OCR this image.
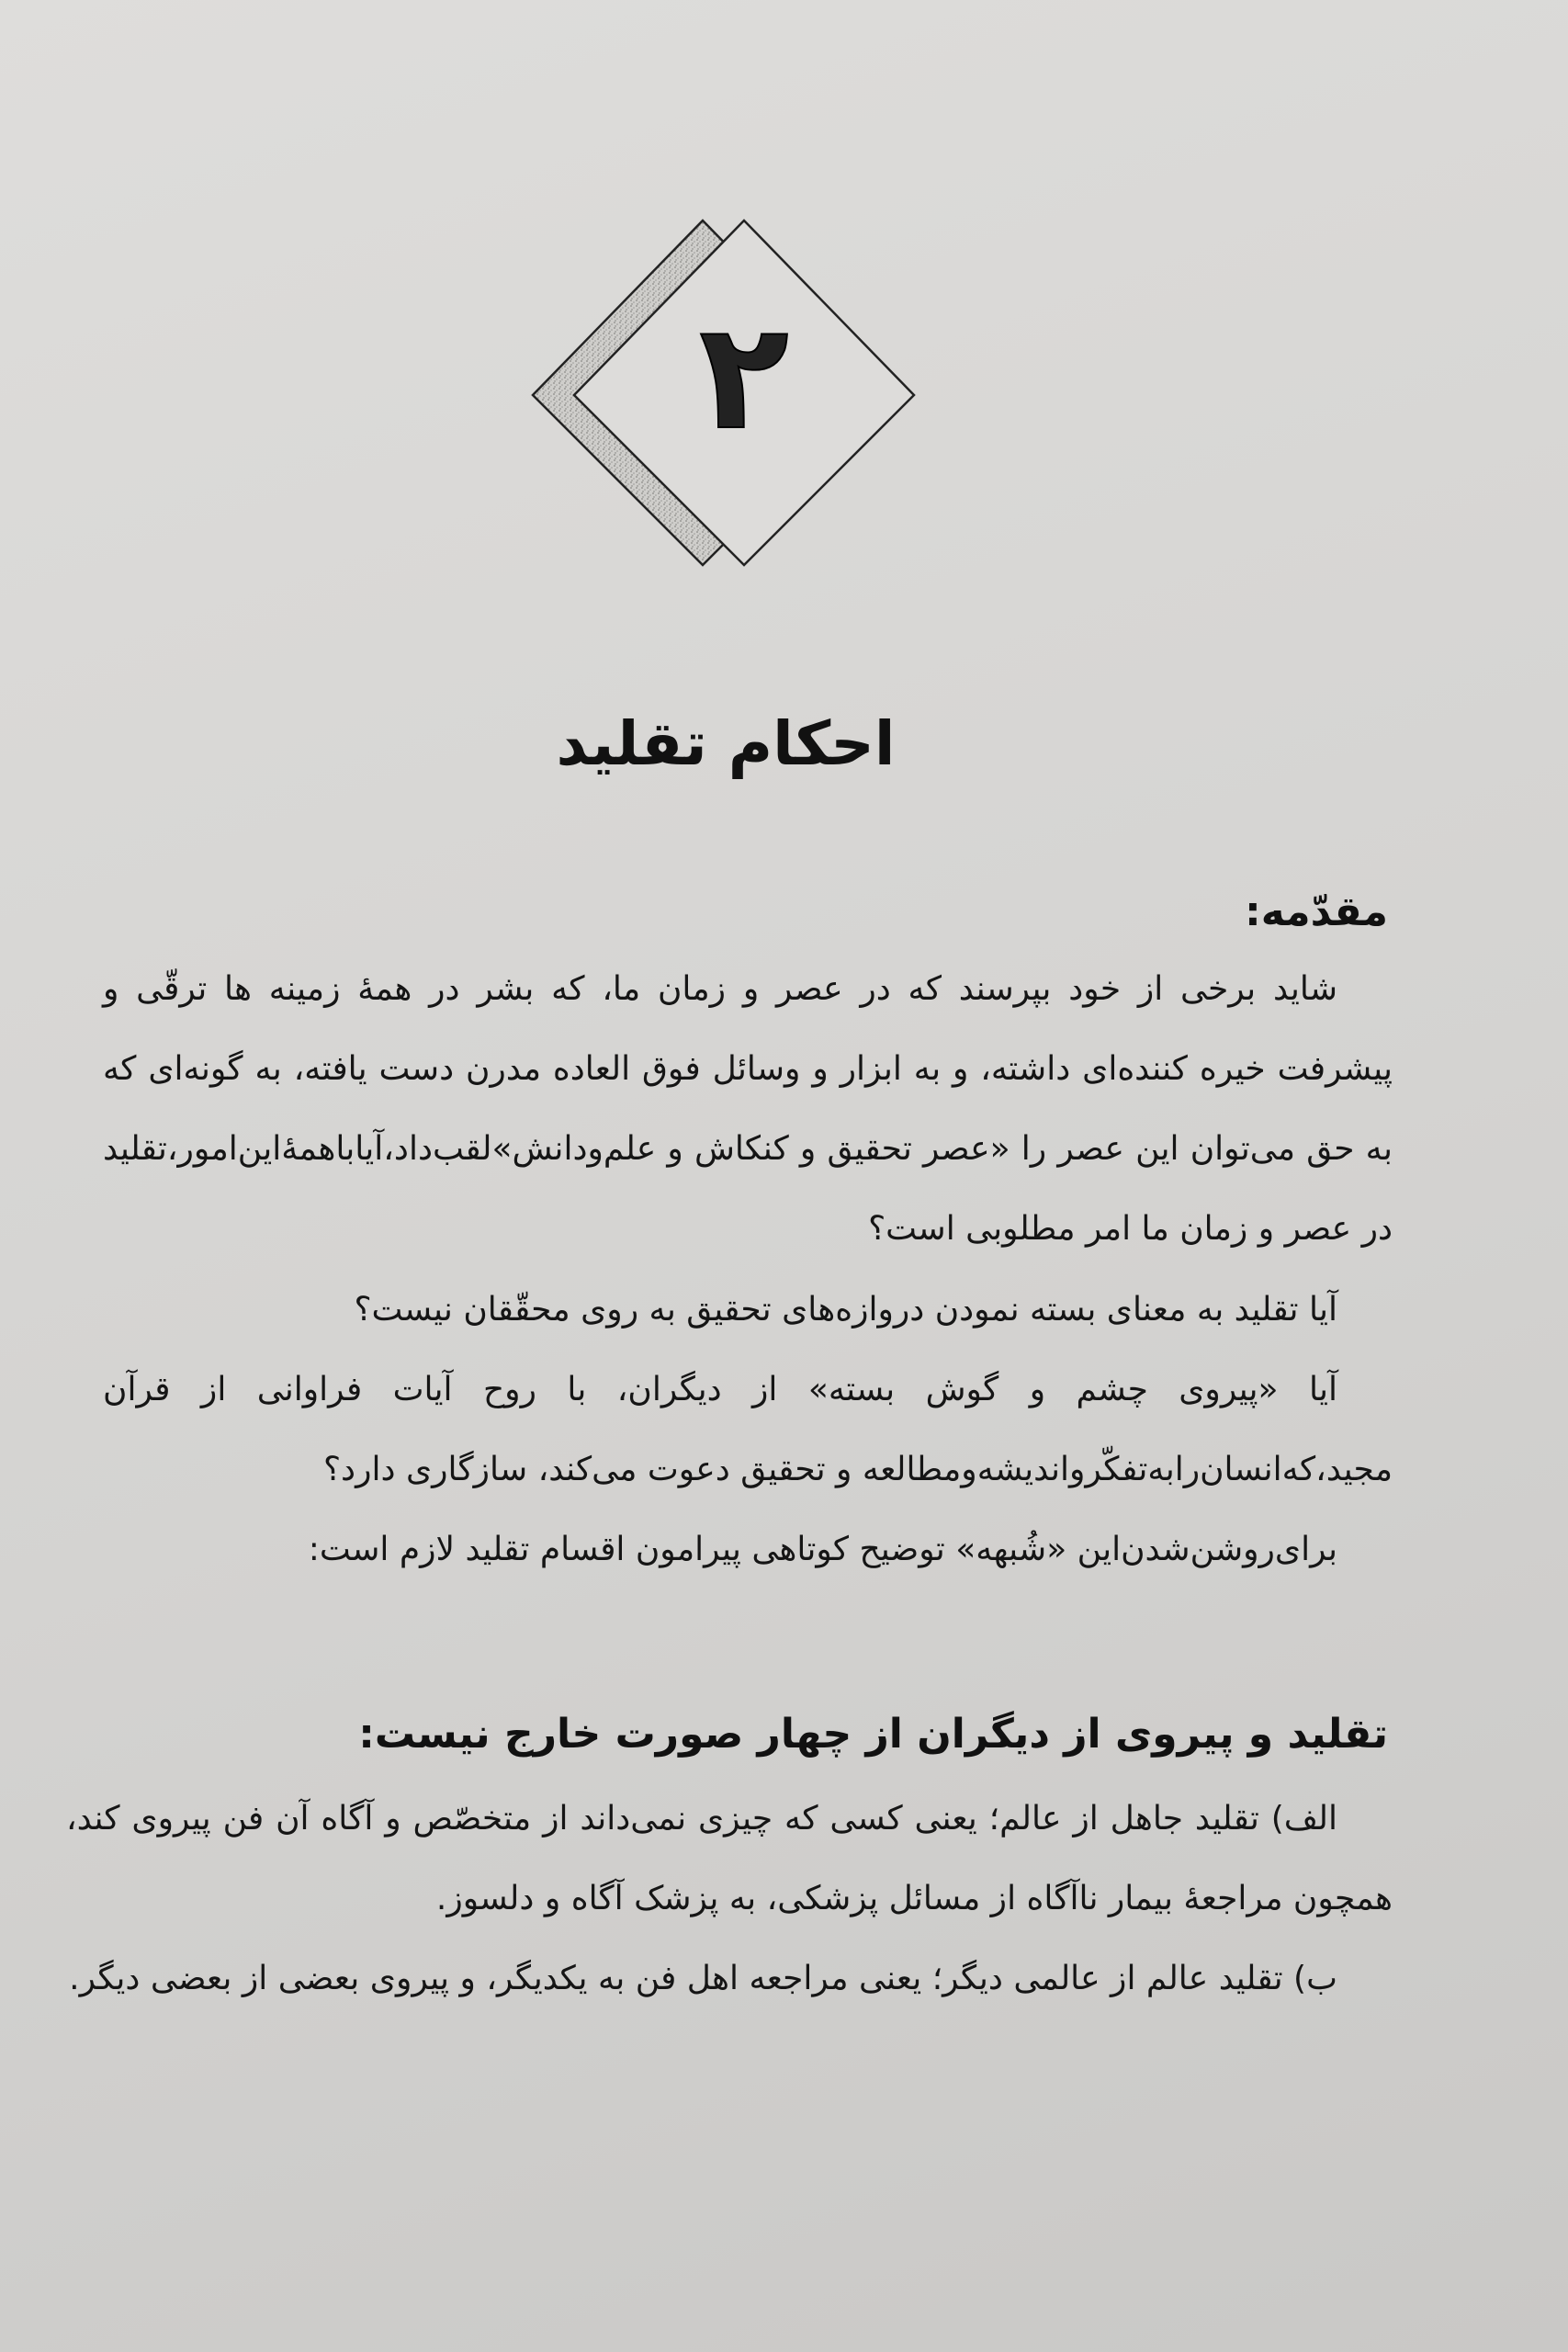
۲
احکام تقلید
مقدّمه:
شاید برخی از خود بپرسند که در عصر و زمان ما، که بشر در همهٔ زمینه ها ترقّی و پیشرفت خیره کننده‌ای داشته، و به ابزار و وسائل فوق العاده مدرن دست یافته، به گونه‌ای که به حق می‌توان این عصر را «عصر تحقیق و کنکاش و علم‌ودانش»لقب‌داد،آیاباهمهٔ‌این‌امور،تقلید در عصر و زمان ما امر مطلوبی است؟
آیا تقلید به معنای بسته نمودن دروازه‌های تحقیق به روی محقّقان نیست؟
آیا «پیروی چشم و گوش بسته» از دیگران، با روح آیات فراوانی از قرآن مجید،که‌انسان‌رابه‌تفکّرواندیشه‌ومطالعه و تحقیق دعوت می‌کند، سازگاری دارد؟
برای‌روشن‌شدن‌این «شُبهه» توضیح کوتاهی پیرامون اقسام تقلید لازم است:
تقلید و پیروی از دیگران از چهار صورت خارج نیست:
الف) تقلید جاهل از عالم؛ یعنی کسی که چیزی نمی‌داند از متخصّص و آگاه آن فن پیروی کند، همچون مراجعهٔ بیمار ناآگاه از مسائل پزشکی، به پزشک آگاه و دلسوز.
ب) تقلید عالم از عالمی دیگر؛ یعنی مراجعه اهل فن به یکدیگر، و پیروی بعضی از بعضی دیگر.
